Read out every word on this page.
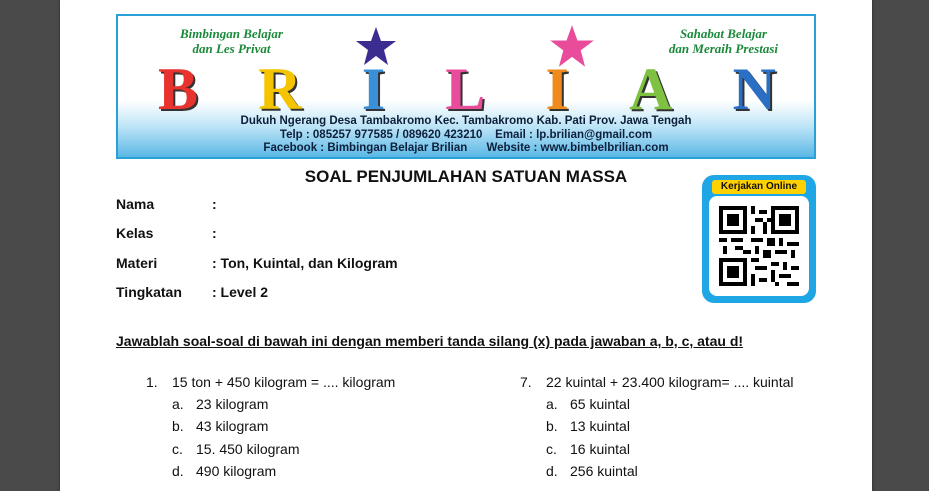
Bimbingan Belajar
dan Les Privat
Sahabat Belajar
dan Meraih Prestasi
B R I L I A N
Dukuh Ngerang Desa Tambakromo Kec. Tambakromo Kab. Pati Prov. Jawa Tengah
Telp : 085257 977585 / 089620 423210    Email : lp.brilian@gmail.com
Facebook : Bimbingan Belajar Brilian      Website : www.bimbelbrilian.com
SOAL PENJUMLAHAN SATUAN MASSA
Nama	:
Kelas	:
Materi	: Ton, Kuintal, dan Kilogram
Tingkatan : Level 2
Kerjakan Online
Jawablah soal-soal di bawah ini dengan memberi tanda silang (x) pada jawaban a, b, c, atau d!
1. 15 ton + 450 kilogram = .... kilogram
a. 23 kilogram
b. 43 kilogram
c. 15. 450 kilogram
d. 490 kilogram
7. 22 kuintal + 23.400 kilogram= .... kuintal
a. 65 kuintal
b. 13 kuintal
c. 16 kuintal
d. 256 kuintal
